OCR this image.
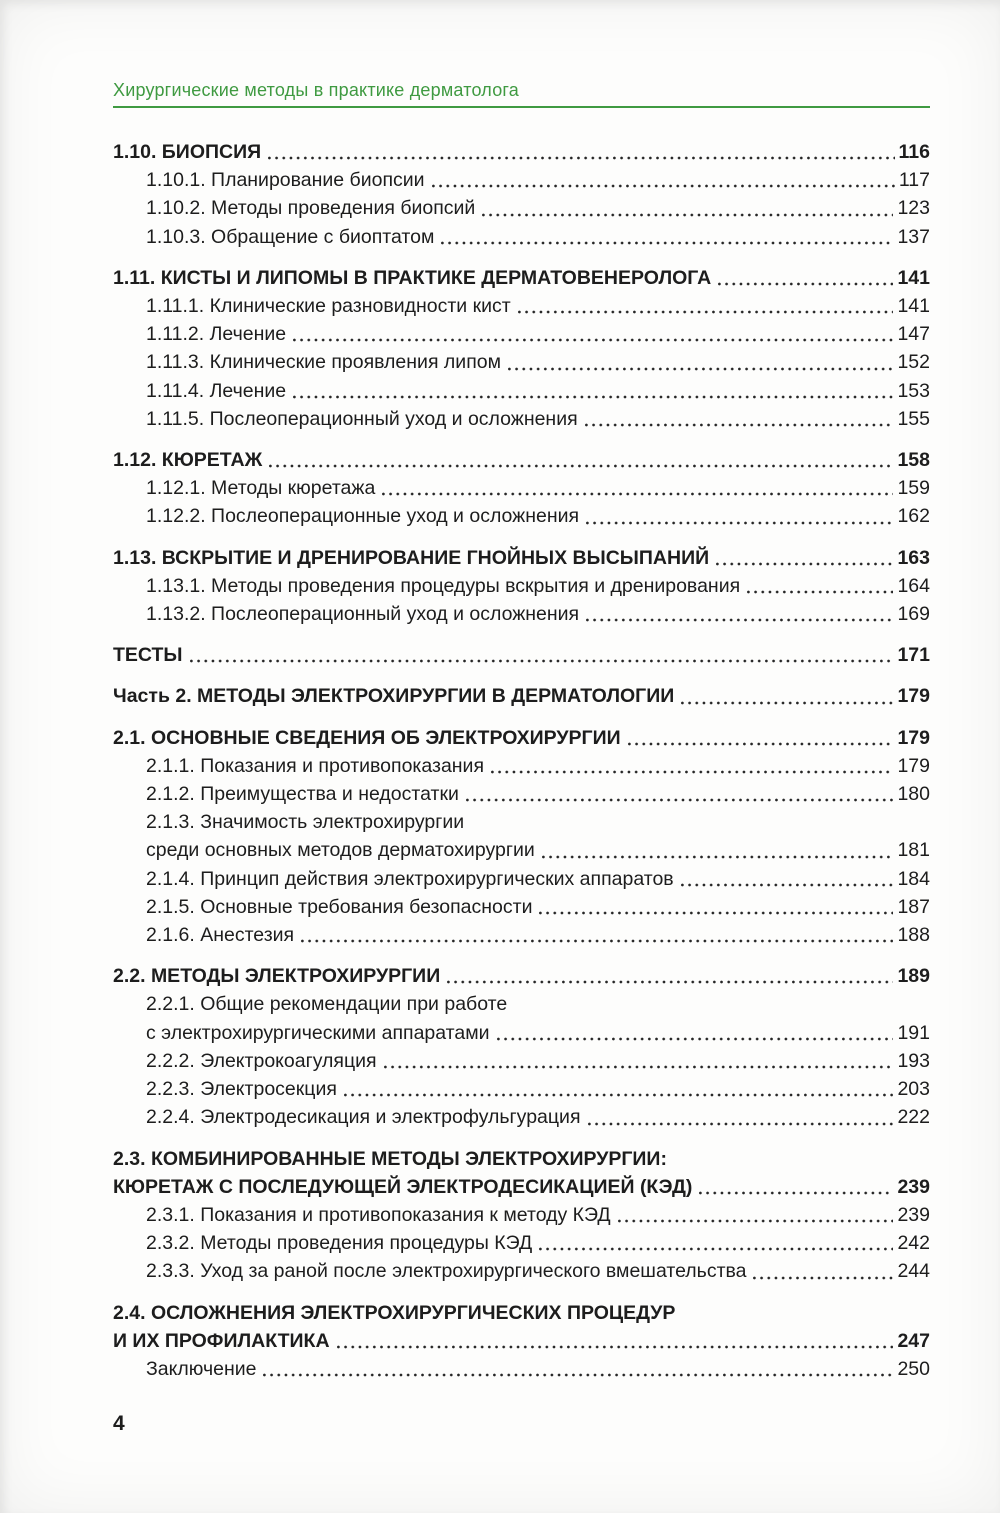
Хирургические методы в практике дерматолога
1.10. БИОПСИЯ	116
1.10.1. Планирование биопсии	117
1.10.2. Методы проведения биопсий	123
1.10.3. Обращение с биоптатом	137
1.11. КИСТЫ И ЛИПОМЫ В ПРАКТИКЕ ДЕРМАТОВЕНЕРОЛОГА	141
1.11.1. Клинические разновидности кист	141
1.11.2. Лечение	147
1.11.3. Клинические проявления липом	152
1.11.4. Лечение	153
1.11.5. Послеоперационный уход и осложнения	155
1.12. КЮРЕТАЖ	158
1.12.1. Методы кюретажа	159
1.12.2. Послеоперационные уход и осложнения	162
1.13. ВСКРЫТИЕ И ДРЕНИРОВАНИЕ ГНОЙНЫХ ВЫСЫПАНИЙ	163
1.13.1. Методы проведения процедуры вскрытия и дренирования	164
1.13.2. Послеоперационный уход и осложнения	169
ТЕСТЫ	171
Часть 2. МЕТОДЫ ЭЛЕКТРОХИРУРГИИ В ДЕРМАТОЛОГИИ	179
2.1. ОСНОВНЫЕ СВЕДЕНИЯ ОБ ЭЛЕКТРОХИРУРГИИ	179
2.1.1. Показания и противопоказания	179
2.1.2. Преимущества и недостатки	180
2.1.3. Значимость электрохирургии
среди основных методов дерматохирургии	181
2.1.4. Принцип действия электрохирургических аппаратов	184
2.1.5. Основные требования безопасности	187
2.1.6. Анестезия	188
2.2. МЕТОДЫ ЭЛЕКТРОХИРУРГИИ	189
2.2.1. Общие рекомендации при работе
с электрохирургическими аппаратами	191
2.2.2. Электрокоагуляция	193
2.2.3. Электросекция	203
2.2.4. Электродесикация и электрофульгурация	222
2.3. КОМБИНИРОВАННЫЕ МЕТОДЫ ЭЛЕКТРОХИРУРГИИ:
КЮРЕТАЖ С ПОСЛЕДУЮЩЕЙ ЭЛЕКТРОДЕСИКАЦИЕЙ (КЭД)	239
2.3.1. Показания и противопоказания к методу КЭД	239
2.3.2. Методы проведения процедуры КЭД	242
2.3.3. Уход за раной после электрохирургического вмешательства	244
2.4. ОСЛОЖНЕНИЯ ЭЛЕКТРОХИРУРГИЧЕСКИХ ПРОЦЕДУР
И ИХ ПРОФИЛАКТИКА	247
Заключение	250
4
